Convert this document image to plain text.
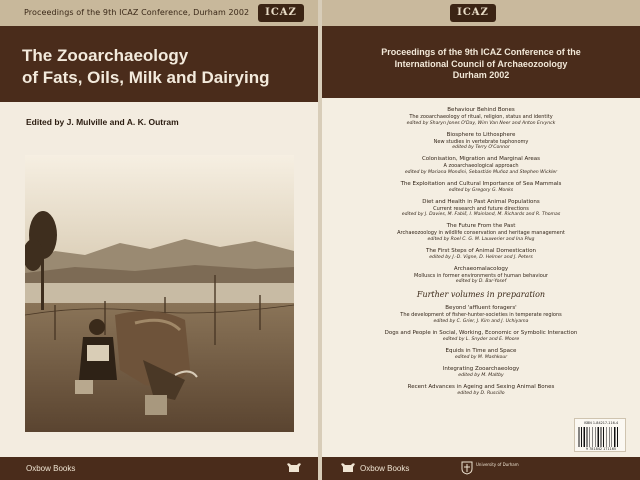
Proceedings of the 9th ICAZ Conference, Durham 2002	ICAZ
The Zooarchaeology
of Fats, Oils, Milk and Dairying
Edited by J. Mulville and A. K. Outram
Oxbow Books
ICAZ
Proceedings of the 9th ICAZ Conference of the
International Council of Archaeozoology
Durham 2002
Behaviour Behind Bones
The zooarchaeology of ritual, religion, status and identity
edited by Sharyn Jones O'Day, Wim Van Neer and Anton Ervynck
Biosphere to Lithosphere
New studies in vertebrate taphonomy
edited by Terry O'Connor
Colonisation, Migration and Marginal Areas
A zooarchaeological approach
edited by Mariana Mondini, Sebastián Muñoz and Stephen Wickler
The Exploitation and Cultural Importance of Sea Mammals
edited by Gregory G. Monks
Diet and Health in Past Animal Populations
Current research and future directions
edited by J. Davies, M. Fabiš, I. Mainland, M. Richards and R. Thomas
The Future From the Past
Archaeozoology in wildlife conservation and heritage management
edited by Roel C. G. M. Lauwerier and Ina Plug
The First Steps of Animal Domestication
edited by J.-D. Vigne, D. Helmer and J. Peters
Archaeomalacology
Molluscs in former environments of human behaviour
edited by D. Bar-Yosef
Further volumes in preparation
Beyond 'affluent foragers'
The development of fisher-hunter-societies in temperate regions
edited by C. Grier, J. Kim and J. Uchiyama
Dogs and People in Social, Working, Economic or Symbolic Interaction
edited by L. Snyder and E. Moore
Equids in Time and Space
edited by M. Mashkour
Integrating Zooarchaeology
edited by M. Maltby
Recent Advances in Ageing and Sexing Animal Bones
edited by D. Ruscillo
ISBN 1-84217-116-4
9 781842 171165
Oxbow Books	University of Durham
